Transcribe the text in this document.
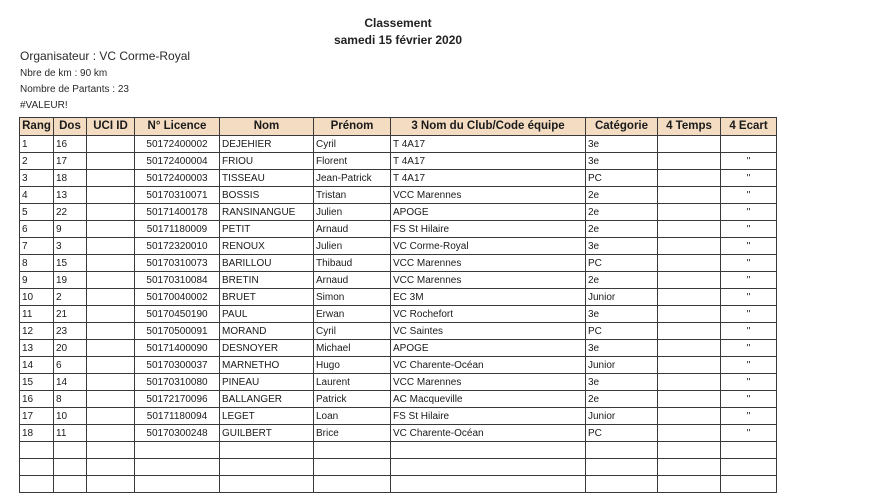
Classement
samedi 15 février 2020
Organisateur : VC Corme-Royal
Nbre de km : 90 km
Nombre de Partants : 23
#VALEUR!
Rang	Dos	UCI ID	N° Licence	Nom	Prénom	3 Nom du Club/Code équipe	Catégorie	4 Temps	4 Ecart
1	16		50172400002	DEJEHIER	Cyril	T 4A17	3e		
2	17		50172400004	FRIOU	Florent	T 4A17	3e		"
3	18		50172400003	TISSEAU	Jean-Patrick	T 4A17	PC		"
4	13		50170310071	BOSSIS	Tristan	VCC Marennes	2e		"
5	22		50171400178	RANSINANGUE	Julien	APOGE	2e		"
6	9		50171180009	PETIT	Arnaud	FS St Hilaire	2e		"
7	3		50172320010	RENOUX	Julien	VC Corme-Royal	3e		"
8	15		50170310073	BARILLOU	Thibaud	VCC Marennes	PC		"
9	19		50170310084	BRETIN	Arnaud	VCC Marennes	2e		"
10	2		50170040002	BRUET	Simon	EC 3M	Junior		"
11	21		50170450190	PAUL	Erwan	VC Rochefort	3e		"
12	23		50170500091	MORAND	Cyril	VC Saintes	PC		"
13	20		50171400090	DESNOYER	Michael	APOGE	3e		"
14	6		50170300037	MARNETHO	Hugo	VC Charente-Océan	Junior		"
15	14		50170310080	PINEAU	Laurent	VCC Marennes	3e		"
16	8		50172170096	BALLANGER	Patrick	AC Macqueville	2e		"
17	10		50171180094	LEGET	Loan	FS St Hilaire	Junior		"
18	11		50170300248	GUILBERT	Brice	VC Charente-Océan	PC		"
